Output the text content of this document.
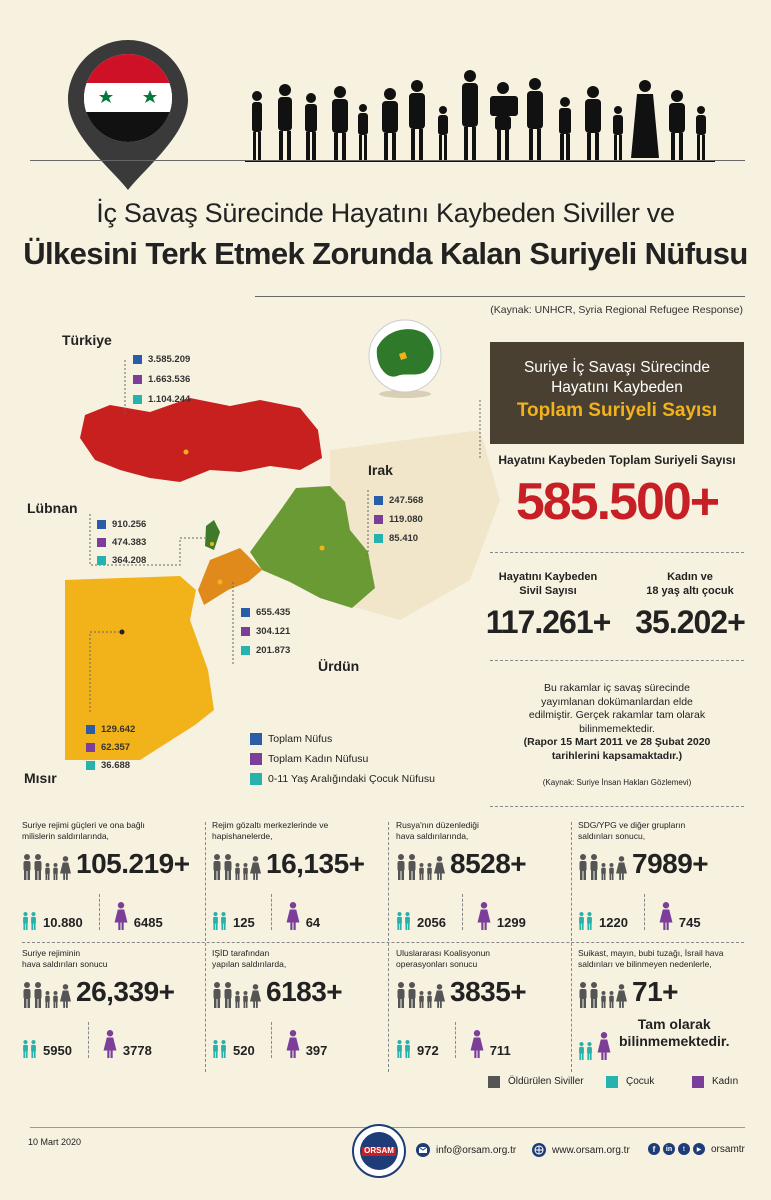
İç Savaş Sürecinde Hayatını Kaybeden Siviller ve
Ülkesini Terk Etmek Zorunda Kalan Suriyeli Nüfusu
(Kaynak: UNHCR, Syria Regional Refugee Response)
Türkiye
3.585.209
1.663.536
1.104.244
Lübnan
910.256
474.383
364.208
Irak
247.568
119.080
85.410
655.435
304.121
201.873
Ürdün
129.642
62.357
36.688
Mısır
Toplam Nüfus
Toplam Kadın Nüfusu
0-11 Yaş Aralığındaki Çocuk Nüfusu
Suriye İç Savaşı Sürecinde
Hayatını Kaybeden
Toplam Suriyeli Sayısı
Hayatını Kaybeden Toplam Suriyeli Sayısı
585.500+
Hayatını Kaybeden
Sivil Sayısı
117.261+
Kadın ve
18 yaş altı çocuk
35.202+
Bu rakamlar iç savaş sürecinde
yayımlanan dokümanlardan elde
edilmiştir. Gerçek rakamlar tam olarak
bilinmemektedir.
(Rapor 15 Mart 2011 ve 28 Şubat 2020
tarihlerini kapsamaktadır.)
(Kaynak: Suriye İnsan Hakları Gözlemevi)
Suriye rejimi güçleri ve ona bağlı
milislerin saldırılarında,
105.219+
10.880	6485
Rejim gözaltı merkezlerinde ve
hapishanelerde,
16,135+
125	64
Rusya'nın düzenlediği
hava saldırılarında,
8528+
2056	1299
SDG/YPG ve diğer grupların
saldırıları sonucu,
7989+
1220	745
Suriye rejiminin
hava saldırıları sonucu
26,339+
5950	3778
IŞİD tarafından
yapılan saldırılarda,
6183+
520	397
Uluslararası Koalisyonun
operasyonları sonucu
3835+
972	711
Suikast, mayın, bubi tuzağı, İsrail hava
saldırıları ve bilinmeyen nedenlerle,
71+
Tam olarak
bilinmemektedir.
Öldürülen Siviller	Çocuk	Kadın
10 Mart 2020
ORSAM	info@orsam.org.tr	www.orsam.org.tr	f	in	t	▶ orsamtr
